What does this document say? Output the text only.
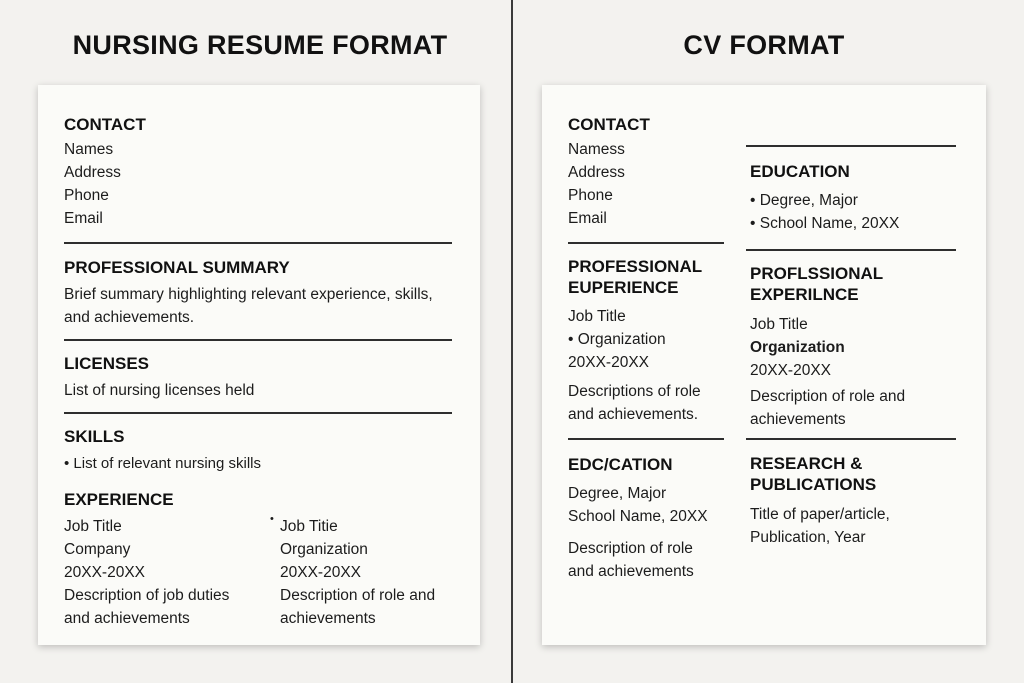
NURSING RESUME FORMAT	CV FORMAT
CONTACT
Names
Address
Phone
Email
PROFESSIONAL SUMMARY
Brief summary highlighting relevant experience, skills,
and achievements.
LICENSES
List of nursing licenses held
SKILLS
• List of relevant nursing skills
EXPERIENCE
Job Title
Company
20XX-20XX
Description of job duties
and achievements
• Job Titie
Organization
20XX-20XX
Description of role and
achievements
CONTACT
Namess
Address
Phone
Email
PROFESSIONAL
EUPERIENCE
Job Title
• Organization
20XX-20XX
Descriptions of role
and achievements.
EDC/CATION
Degree, Major
School Name, 20XX
Description of role
and achievements
EDUCATION
• Degree, Major
• School Name, 20XX
PROFLSSIONAL
EXPERILNCE
Job Title
Organization
20XX-20XX
Description of role and
achievements
RESEARCH &
PUBLICATIONS
Title of paper/article,
Publication, Year
